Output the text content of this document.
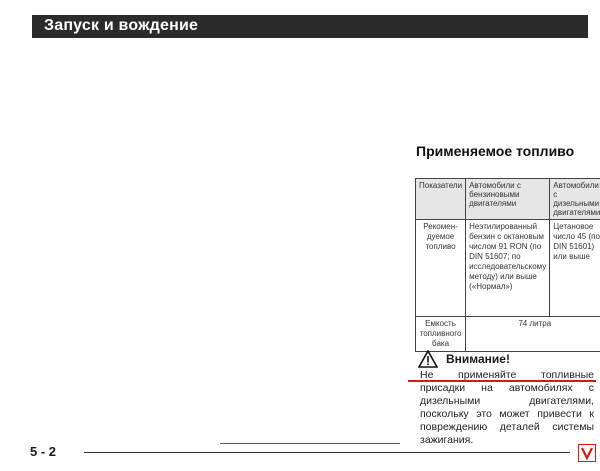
Запуск и вождение
Применяемое топливо
Показатели	Автомобили с бензиновыми двигателями	Автомобили с дизельными двигателями
Рекомен-дуемое топливо	Неэтилированный бензин с октановым числом 91 RON (по DIN 51607; по исследовательскому методу) или выше («Нормал»)	Цетановое число 45 (по DIN 51601) или выше
Емкость топливного бака	74 литра	
Внимание!
Не применяйте топливные присадки на автомобилях с дизельными двигателями, поскольку это может привести к повреждению деталей системы зажигания.
5 - 2
